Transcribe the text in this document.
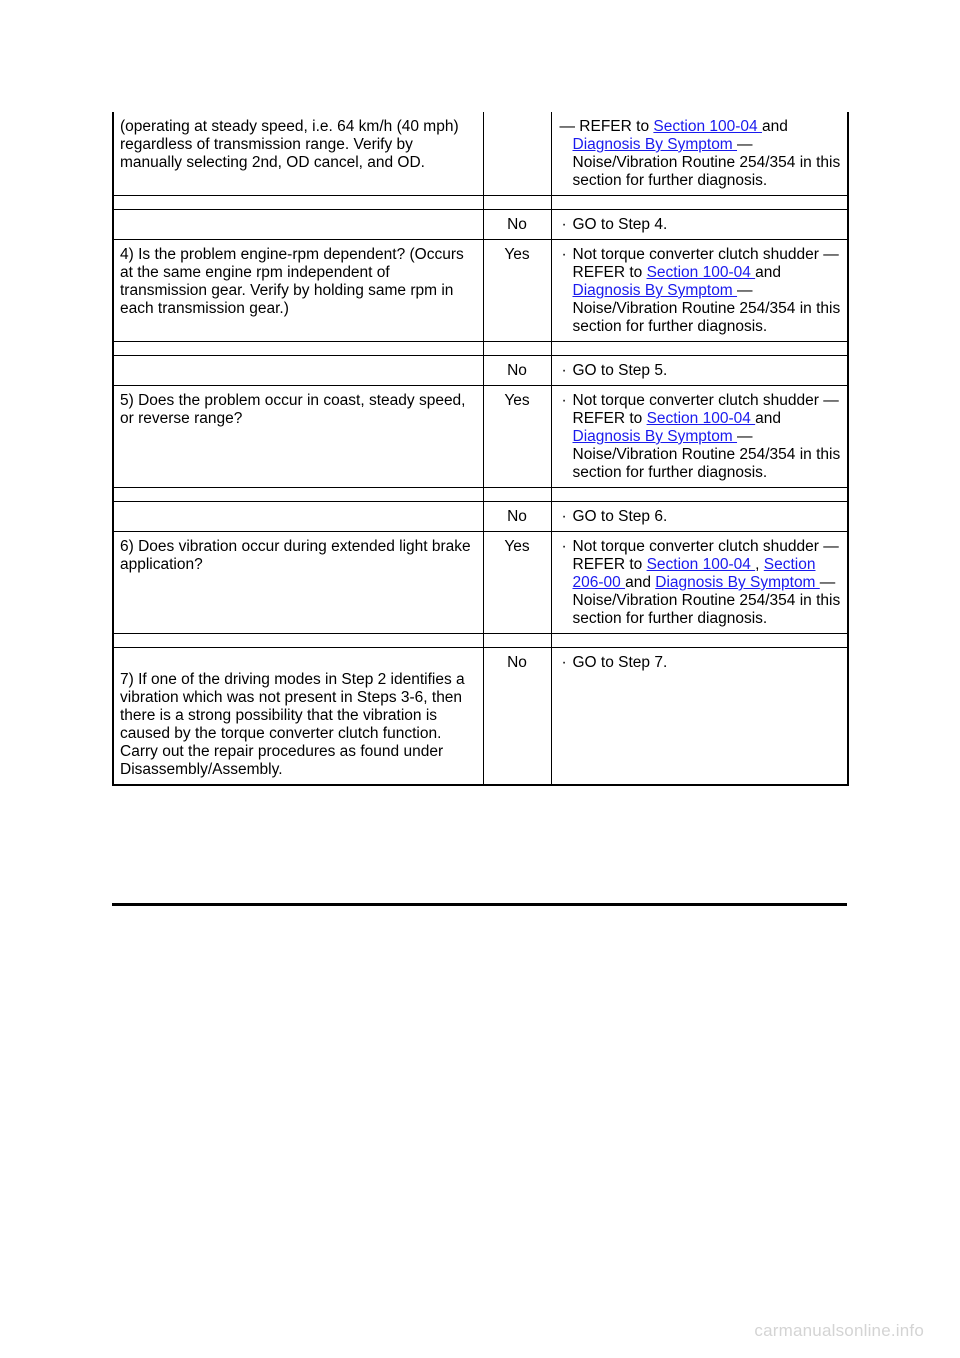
(operating at steady speed, i.e. 64 km/h (40 mph) regardless of transmission range. Verify by manually selecting 2nd, OD cancel, and OD.		— REFER to Section 100-04 and Diagnosis By Symptom — Noise/Vibration Routine 254/354 in this section for further diagnosis.

	No	· GO to Step 4.

4) Is the problem engine-rpm dependent? (Occurs at the same engine rpm independent of transmission gear. Verify by holding same rpm in each transmission gear.)	Yes	· Not torque converter clutch shudder — REFER to Section 100-04 and Diagnosis By Symptom — Noise/Vibration Routine 254/354 in this section for further diagnosis.

	No	· GO to Step 5.

5) Does the problem occur in coast, steady speed, or reverse range?	Yes	· Not torque converter clutch shudder — REFER to Section 100-04 and Diagnosis By Symptom — Noise/Vibration Routine 254/354 in this section for further diagnosis.

	No	· GO to Step 6.

6) Does vibration occur during extended light brake application?	Yes	· Not torque converter clutch shudder — REFER to Section 100-04 , Section 206-00 and Diagnosis By Symptom — Noise/Vibration Routine 254/354 in this section for further diagnosis.

7) If one of the driving modes in Step 2 identifies a vibration which was not present in Steps 3-6, then there is a strong possibility that the vibration is caused by the torque converter clutch function. Carry out the repair procedures as found under Disassembly/Assembly.	No	· GO to Step 7.
carmanualsonline.info
